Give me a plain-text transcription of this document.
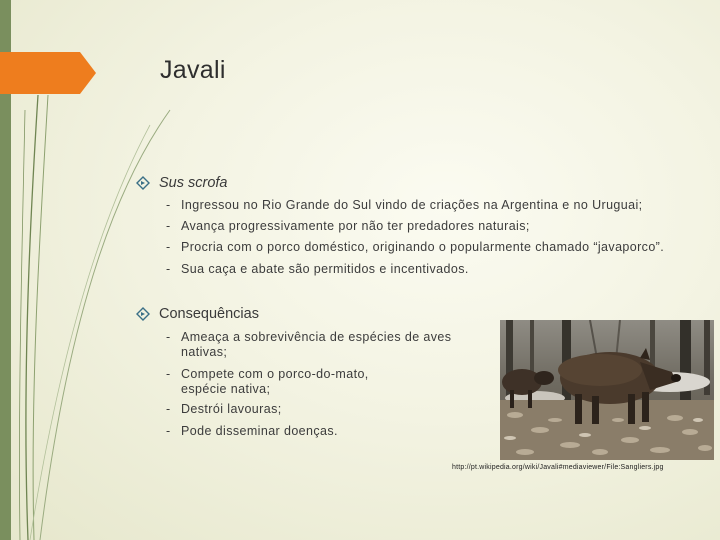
Javali
Sus scrofa
- Ingressou no Rio Grande do Sul vindo de criações na Argentina e no Uruguai;
- Avança progressivamente por não ter predadores naturais;
- Procria com o porco doméstico, originando o popularmente chamado “javaporco”.
- Sua caça e abate são permitidos e incentivados.
Consequências
- Ameaça a sobrevivência de espécies de aves
nativas;
- Compete com o porco-do-mato,
espécie nativa;
- Destrói lavouras;
- Pode disseminar doenças.
http://pt.wikipedia.org/wiki/Javali#mediaviewer/File:Sangliers.jpg
